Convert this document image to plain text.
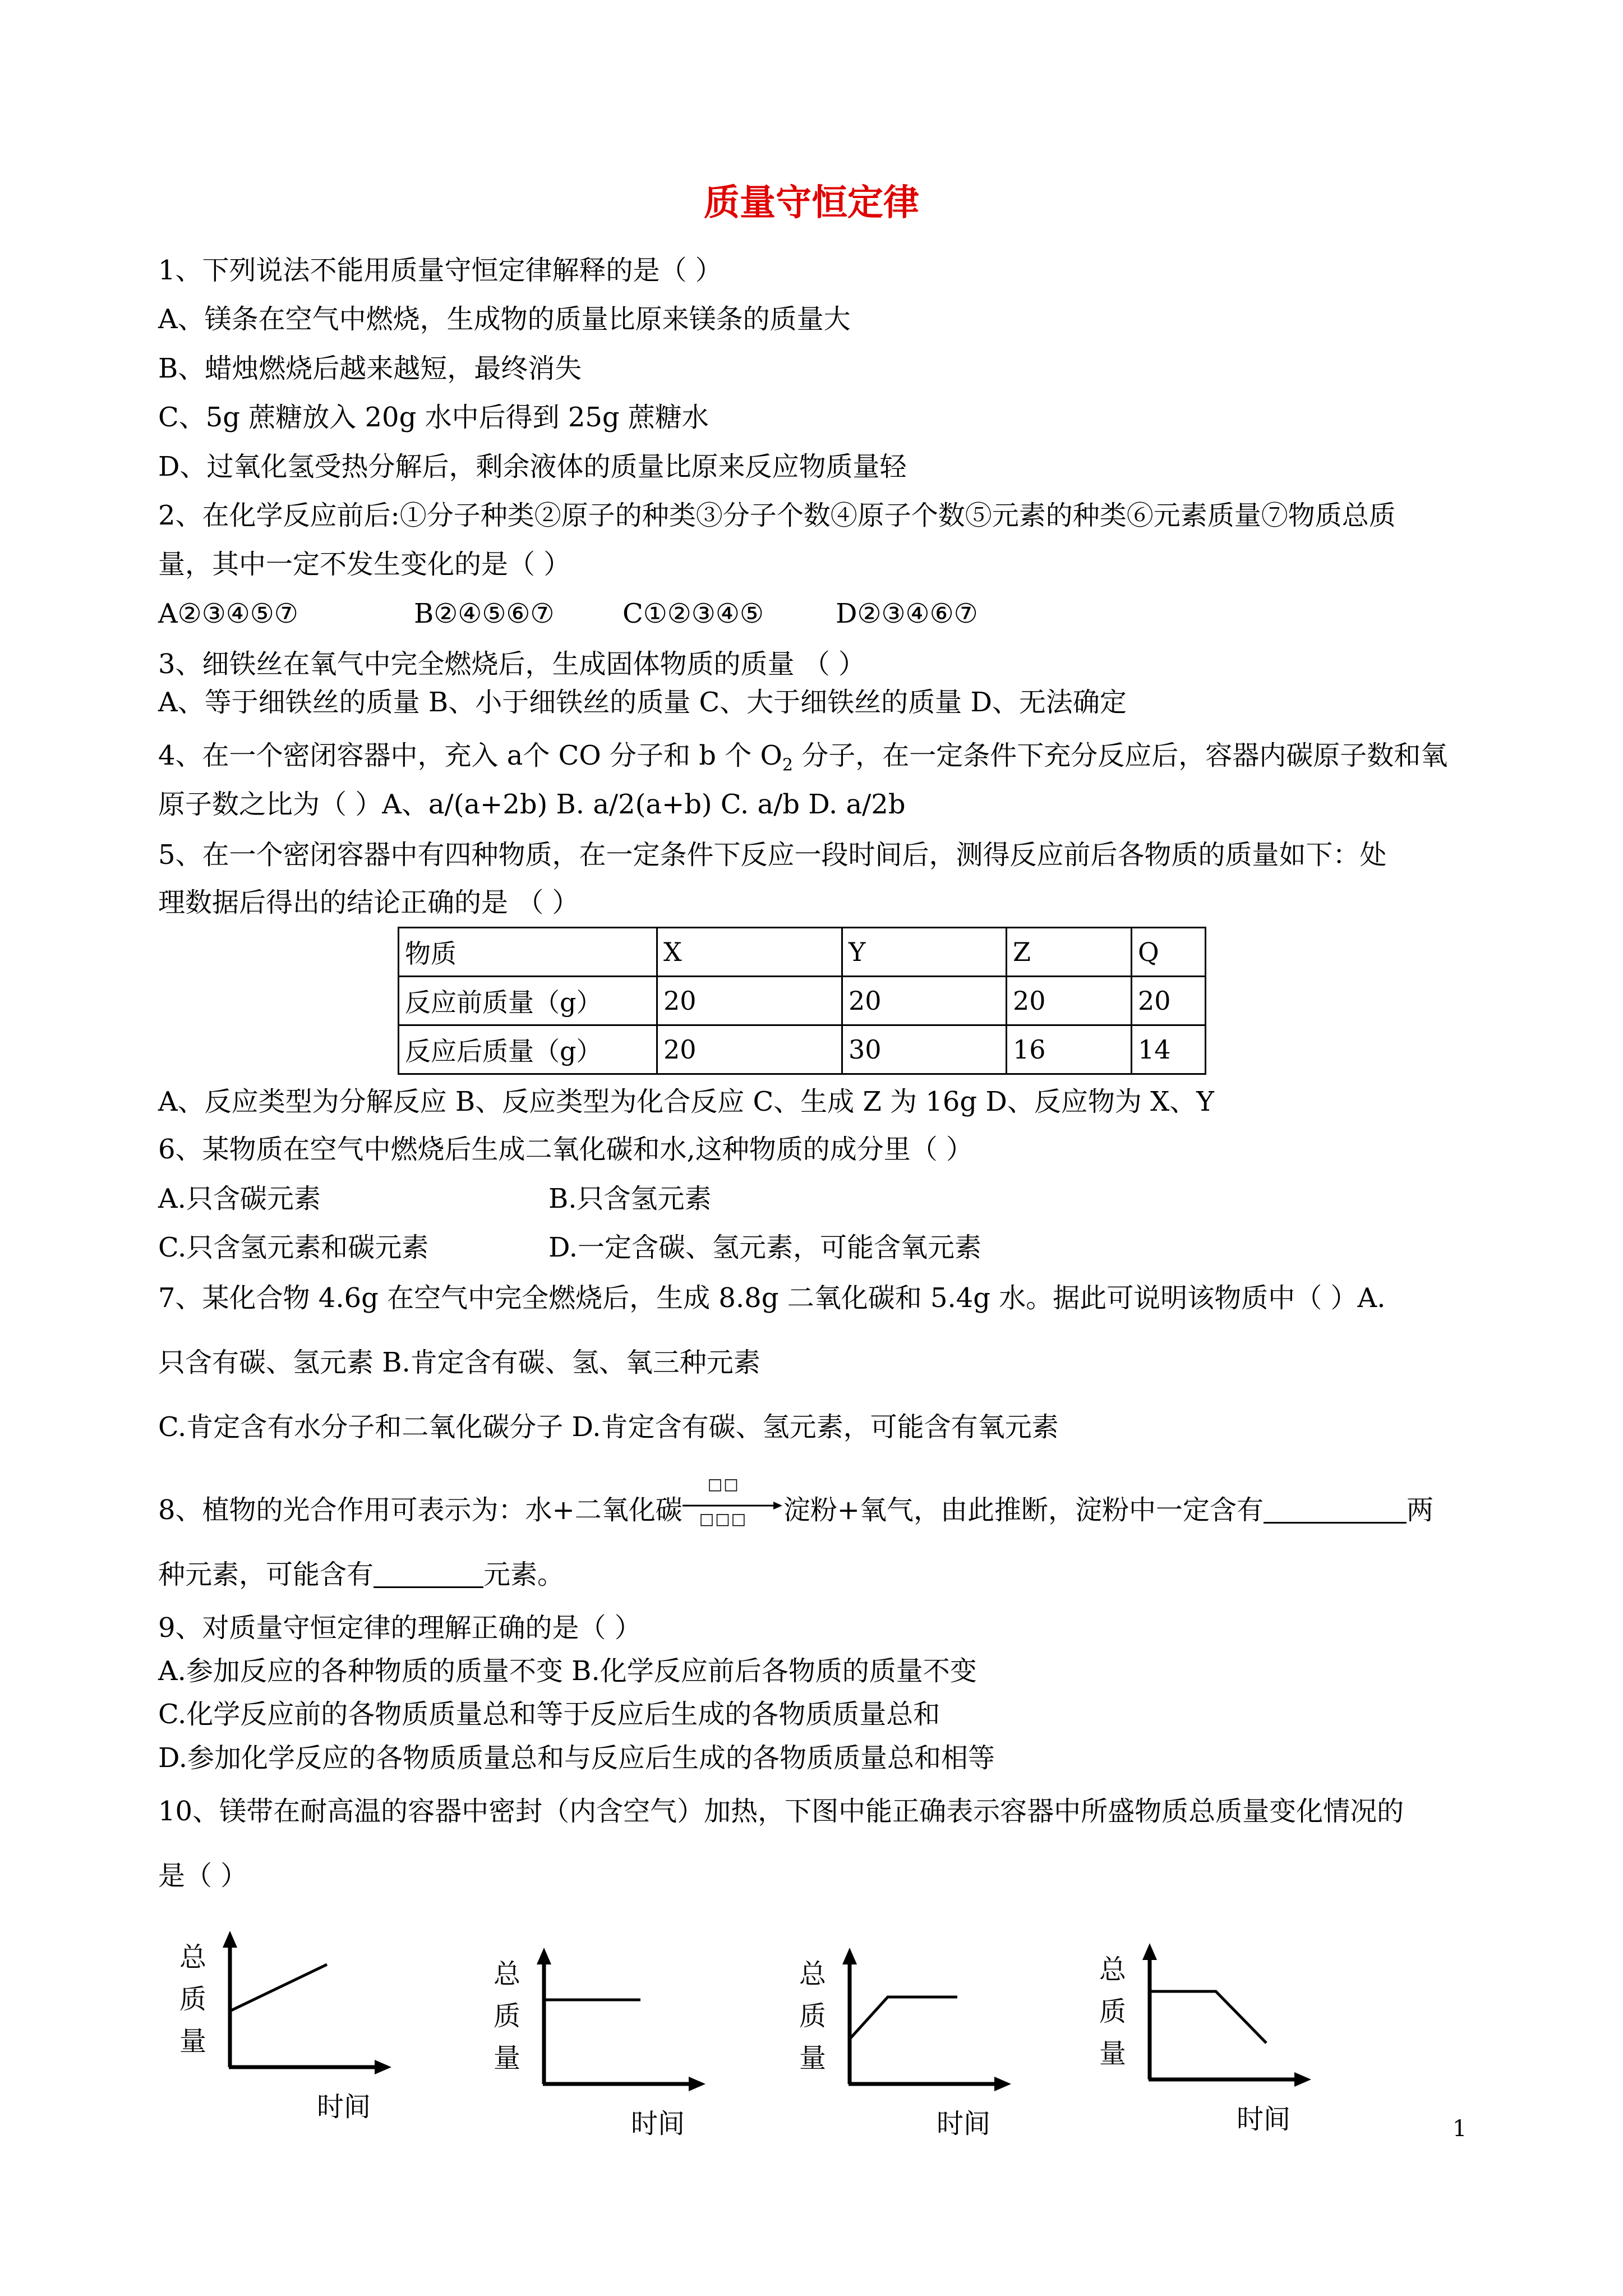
质量守恒定律
1、下列说法不能用质量守恒定律解释的是（ ）
A、镁条在空气中燃烧，生成物的质量比原来镁条的质量大
B、蜡烛燃烧后越来越短，最终消失
C、5g 蔗糖放入 20g 水中后得到 25g 蔗糖水
D、过氧化氢受热分解后，剩余液体的质量比原来反应物质量轻
2、在化学反应前后:①分子种类②原子的种类③分子个数④原子个数⑤元素的种类⑥元素质量⑦物质总质
量，其中一定不发生变化的是（ ）
A②③④⑤⑦	B②④⑤⑥⑦	C①②③④⑤	D②③④⑥⑦
3、细铁丝在氧气中完全燃烧后，生成固体物质的质量 （ ）
A、等于细铁丝的质量 B、小于细铁丝的质量 C、大于细铁丝的质量 D、无法确定
4、在一个密闭容器中，充入 a个 CO 分子和 b 个 $O_2$ 分子，在一定条件下充分反应后，容器内碳原子数和氧
原子数之比为（ ）A、a/(a+2b) B. a/2(a+b) C. a/b D. a/2b
5、在一个密闭容器中有四种物质，在一定条件下反应一段时间后，测得反应前后各物质的质量如下：处
理数据后得出的结论正确的是 （ ）
物质	X	Y	Z	Q
反应前质量（g）	20	20	20	20
反应后质量（g）	20	30	16	14
A、反应类型为分解反应 B、反应类型为化合反应 C、生成 Z 为 16g D、反应物为 X、Y
6、某物质在空气中燃烧后生成二氧化碳和水,这种物质的成分里（ ）
A.只含碳元素	B.只含氢元素
C.只含氢元素和碳元素	D.一定含碳、氢元素，可能含氧元素
7、某化合物 4.6g 在空气中完全燃烧后，生成 8.8g 二氧化碳和 5.4g 水。据此可说明该物质中（ ）A.
只含有碳、氢元素 B.肯定含有碳、氢、氧三种元素
C.肯定含有水分子和二氧化碳分子 D.肯定含有碳、氢元素，可能含有氧元素
8、植物的光合作用可表示为：水+二氧化碳
□□
□□□ 淀粉+氧气，由此推断，淀粉中一定含有	两
种元素，可能含有	元素。
9、对质量守恒定律的理解正确的是（ ）
A.参加反应的各种物质的质量不变 B.化学反应前后各物质的质量不变
C.化学反应前的各物质质量总和等于反应后生成的各物质质量总和
D.参加化学反应的各物质质量总和与反应后生成的各物质质量总和相等
10、镁带在耐高温的容器中密封（内含空气）加热，下图中能正确表示容器中所盛物质总质量变化情况的
是（ ）
总
质
量
时间
总
质
量
时间
总
质
量
时间
总
质
量
时间	1
